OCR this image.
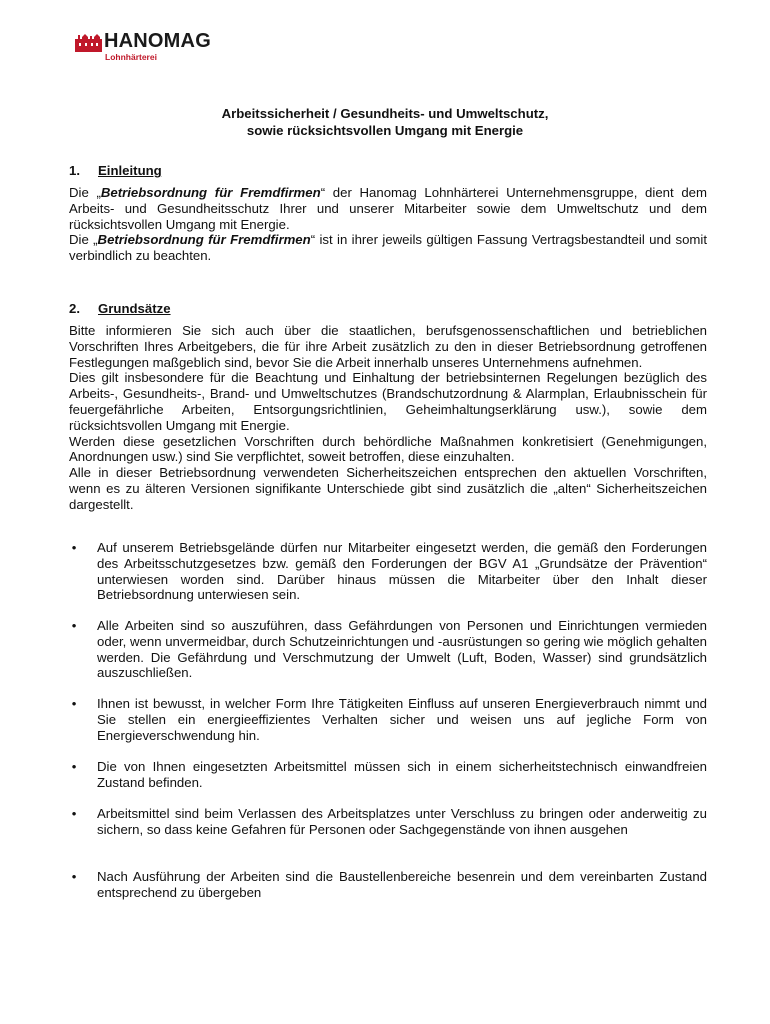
HANOMAG
Lohnhärterei
Arbeitssicherheit / Gesundheits- und Umweltschutz,
sowie rücksichtsvollen Umgang mit Energie
1. Einleitung

Die „Betriebsordnung für Fremdfirmen“ der Hanomag Lohnhärterei Unternehmensgruppe, dient dem Arbeits- und Gesundheitsschutz Ihrer und unserer Mitarbeiter sowie dem Umweltschutz und dem rücksichtsvollen Umgang mit Energie.

Die „Betriebsordnung für Fremdfirmen“ ist in ihrer jeweils gültigen Fassung Vertragsbestandteil und somit verbindlich zu beachten.

2. Grundsätze

Bitte informieren Sie sich auch über die staatlichen, berufsgenossenschaftlichen und betrieblichen Vorschriften Ihres Arbeitgebers, die für ihre Arbeit zusätzlich zu den in dieser Betriebsordnung getroffenen Festlegungen maßgeblich sind, bevor Sie die Arbeit innerhalb unseres Unternehmens aufnehmen.

Dies gilt insbesondere für die Beachtung und Einhaltung der betriebsinternen Regelungen bezüglich des Arbeits-, Gesundheits-, Brand- und Umweltschutzes (Brandschutzordnung & Alarmplan, Erlaubnisschein für feuergefährliche Arbeiten, Entsorgungsrichtlinien, Geheimhaltungserklärung usw.), sowie dem rücksichtsvollen Umgang mit Energie.

Werden diese gesetzlichen Vorschriften durch behördliche Maßnahmen konkretisiert (Genehmigungen, Anordnungen usw.) sind Sie verpflichtet, soweit betroffen, diese einzuhalten.

Alle in dieser Betriebsordnung verwendeten Sicherheitszeichen entsprechen den aktuellen Vorschriften, wenn es zu älteren Versionen signifikante Unterschiede gibt sind zusätzlich die „alten“ Sicherheitszeichen dargestellt.

• Auf unserem Betriebsgelände dürfen nur Mitarbeiter eingesetzt werden, die gemäß den Forderungen des Arbeitsschutzgesetzes bzw. gemäß den Forderungen der BGV A1 „Grundsätze der Prävention“ unterwiesen worden sind. Darüber hinaus müssen die Mitarbeiter über den Inhalt dieser Betriebsordnung unterwiesen sein.
• Alle Arbeiten sind so auszuführen, dass Gefährdungen von Personen und Einrichtungen vermieden oder, wenn unvermeidbar, durch Schutzeinrichtungen und -ausrüstungen so gering wie möglich gehalten werden. Die Gefährdung und Verschmutzung der Umwelt (Luft, Boden, Wasser) sind grundsätzlich auszuschließen.
• Ihnen ist bewusst, in welcher Form Ihre Tätigkeiten Einfluss auf unseren Energieverbrauch nimmt und Sie stellen ein energieeffizientes Verhalten sicher und weisen uns auf jegliche Form von Energieverschwendung hin.
• Die von Ihnen eingesetzten Arbeitsmittel müssen sich in einem sicherheitstechnisch einwandfreien Zustand befinden.
• Arbeitsmittel sind beim Verlassen des Arbeitsplatzes unter Verschluss zu bringen oder anderweitig zu sichern, so dass keine Gefahren für Personen oder Sachgegenstände von ihnen ausgehen
• Nach Ausführung der Arbeiten sind die Baustellenbereiche besenrein und dem vereinbarten Zustand entsprechend zu übergeben
